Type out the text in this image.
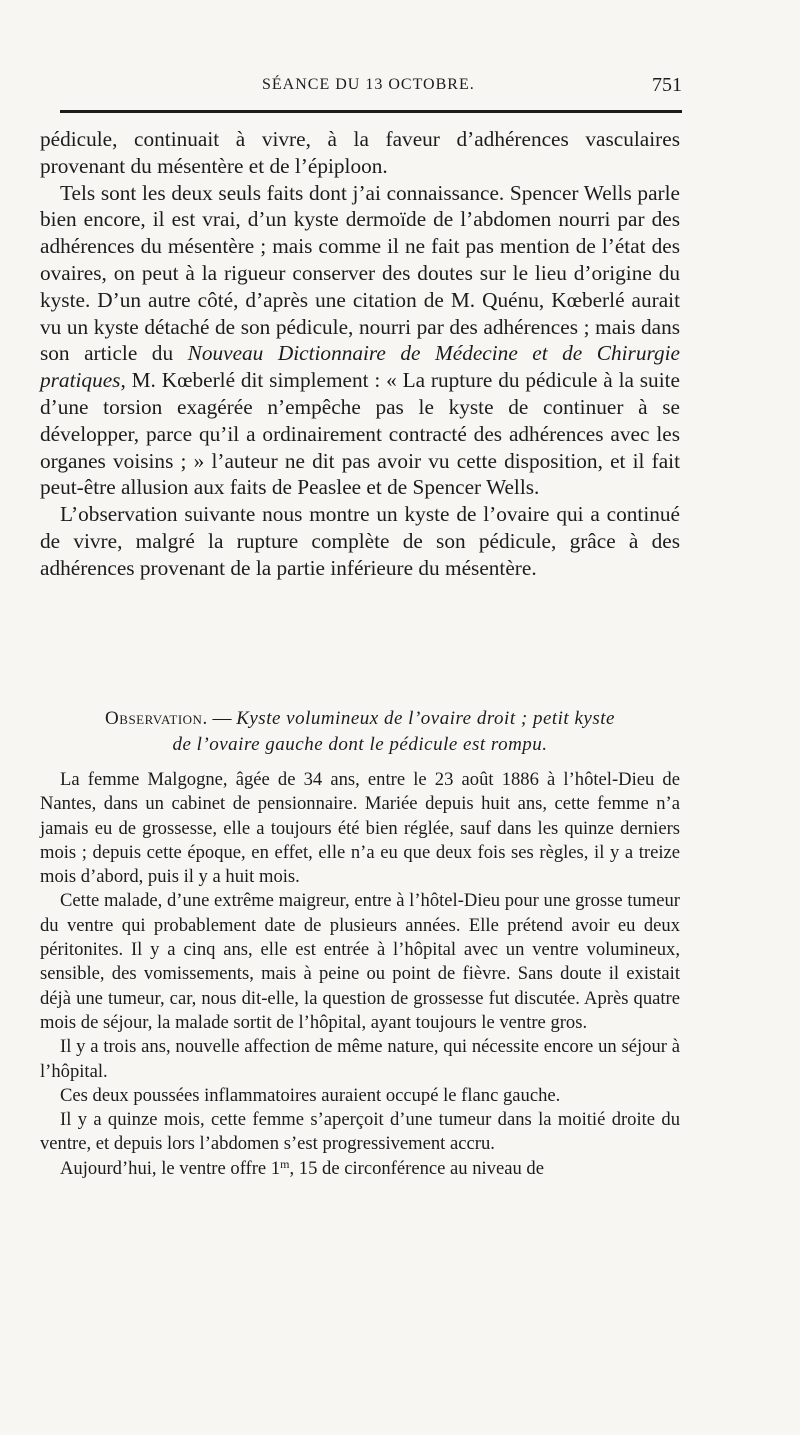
SÉANCE DU 13 OCTOBRE.	751

pédicule, continuait à vivre, à la faveur d’adhérences vasculaires provenant du mésentère et de l’épiploon.

Tels sont les deux seuls faits dont j’ai connaissance. Spencer Wells parle bien encore, il est vrai, d’un kyste dermoïde de l’abdomen nourri par des adhérences du mésentère ; mais comme il ne fait pas mention de l’état des ovaires, on peut à la rigueur conserver des doutes sur le lieu d’origine du kyste. D’un autre côté, d’après une citation de M. Quénu, Kœberlé aurait vu un kyste détaché de son pédicule, nourri par des adhérences ; mais dans son article du Nouveau Dictionnaire de Médecine et de Chirurgie pratiques, M. Kœberlé dit simplement : « La rupture du pédicule à la suite d’une torsion exagérée n’empêche pas le kyste de continuer à se développer, parce qu’il a ordinairement contracté des adhérences avec les organes voisins ; » l’auteur ne dit pas avoir vu cette disposition, et il fait peut-être allusion aux faits de Peaslee et de Spencer Wells.

L’observation suivante nous montre un kyste de l’ovaire qui a continué de vivre, malgré la rupture complète de son pédicule, grâce à des adhérences provenant de la partie inférieure du mésentère.

Observation. — Kyste volumineux de l’ovaire droit ; petit kyste
de l’ovaire gauche dont le pédicule est rompu.

La femme Malgogne, âgée de 34 ans, entre le 23 août 1886 à l’hôtel-Dieu de Nantes, dans un cabinet de pensionnaire. Mariée depuis huit ans, cette femme n’a jamais eu de grossesse, elle a toujours été bien réglée, sauf dans les quinze derniers mois ; depuis cette époque, en effet, elle n’a eu que deux fois ses règles, il y a treize mois d’abord, puis il y a huit mois.

Cette malade, d’une extrême maigreur, entre à l’hôtel-Dieu pour une grosse tumeur du ventre qui probablement date de plusieurs années. Elle prétend avoir eu deux péritonites. Il y a cinq ans, elle est entrée à l’hôpital avec un ventre volumineux, sensible, des vomissements, mais à peine ou point de fièvre. Sans doute il existait déjà une tumeur, car, nous dit-elle, la question de grossesse fut discutée. Après quatre mois de séjour, la malade sortit de l’hôpital, ayant toujours le ventre gros.

Il y a trois ans, nouvelle affection de même nature, qui nécessite encore un séjour à l’hôpital.

Ces deux poussées inflammatoires auraient occupé le flanc gauche.

Il y a quinze mois, cette femme s’aperçoit d’une tumeur dans la moitié droite du ventre, et depuis lors l’abdomen s’est progressivement accru.

Aujourd’hui, le ventre offre 1$^m$, 15 de circonférence au niveau de
